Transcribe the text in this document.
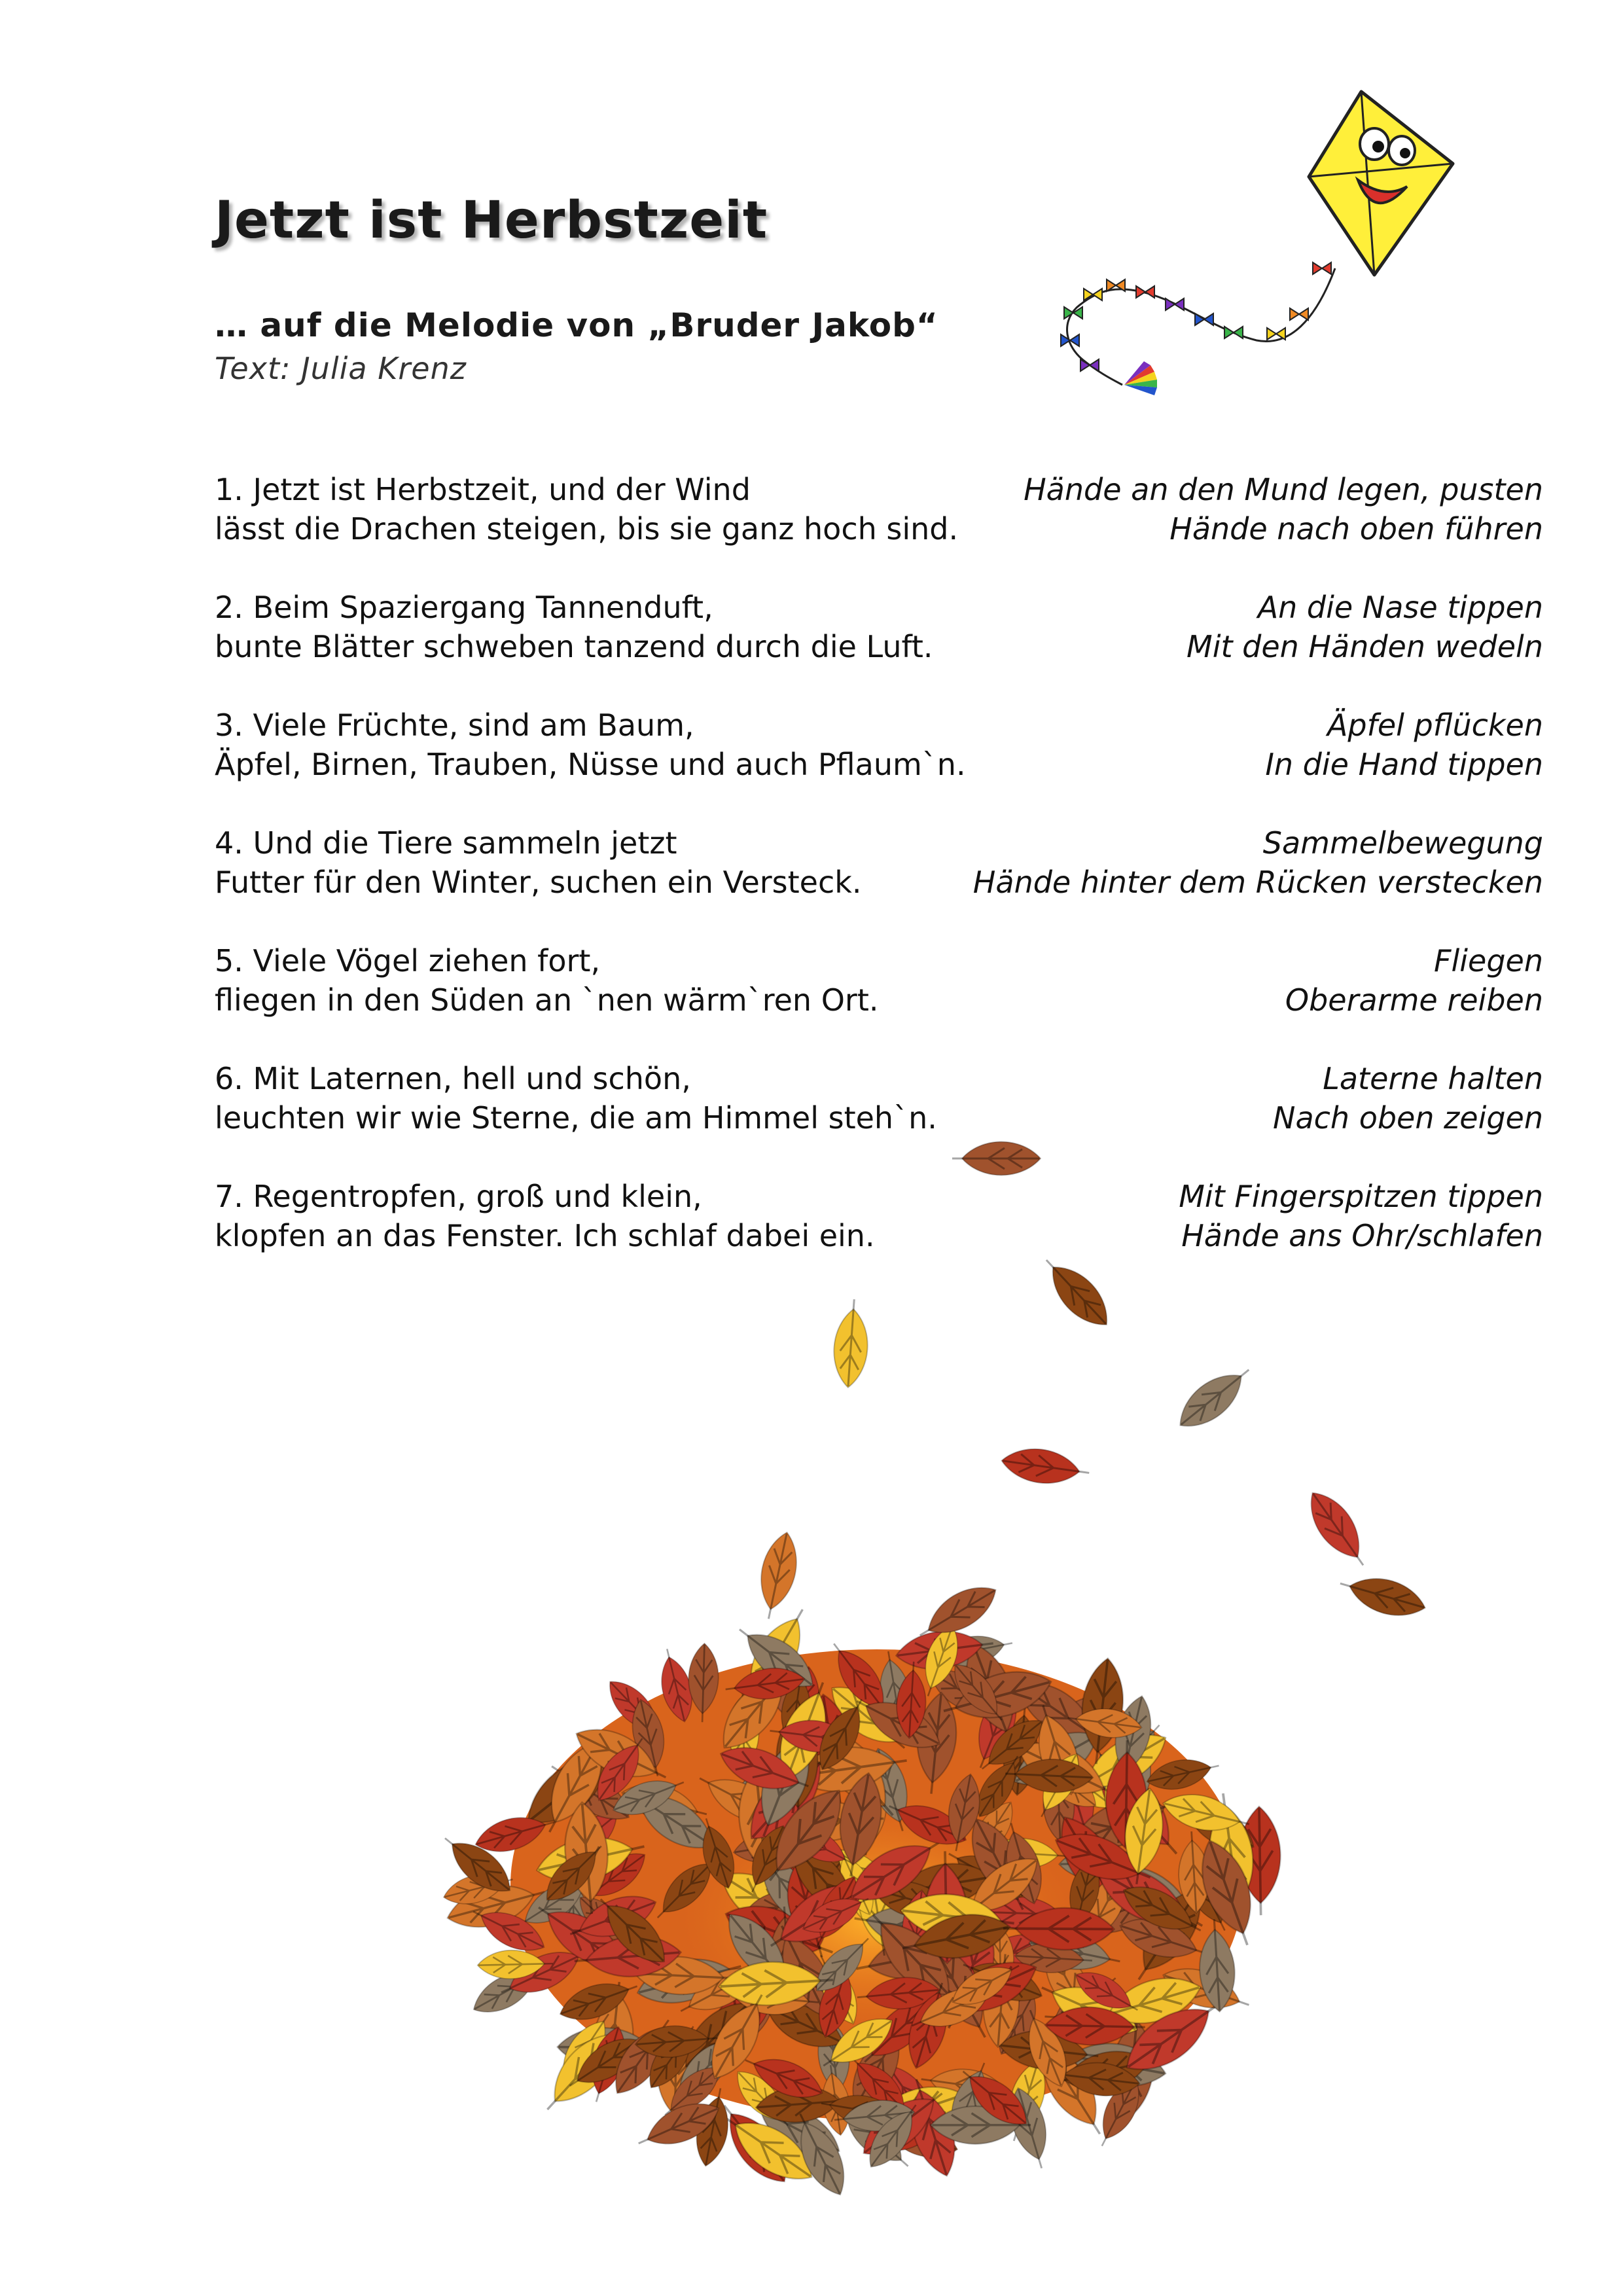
Jetzt ist Herbstzeit
… auf die Melodie von „Bruder Jakob“
Text: Julia Krenz
1. Jetzt ist Herbstzeit, und der Wind	Hände an den Mund legen, pusten
lässt die Drachen steigen, bis sie ganz hoch sind.	Hände nach oben führen
2. Beim Spaziergang Tannenduft,	An die Nase tippen
bunte Blätter schweben tanzend durch die Luft.	Mit den Händen wedeln
3. Viele Früchte, sind am Baum,	Äpfel pflücken
Äpfel, Birnen, Trauben, Nüsse und auch Pflaum`n.	In die Hand tippen
4. Und die Tiere sammeln jetzt	Sammelbewegung
Futter für den Winter, suchen ein Versteck.	Hände hinter dem Rücken verstecken
5. Viele Vögel ziehen fort,	Fliegen
fliegen in den Süden an `nen wärm`ren Ort.	Oberarme reiben
6. Mit Laternen, hell und schön,	Laterne halten
leuchten wir wie Sterne, die am Himmel steh`n.	Nach oben zeigen
7. Regentropfen, groß und klein,	Mit Fingerspitzen tippen
klopfen an das Fenster. Ich schlaf dabei ein.	Hände ans Ohr/schlafen
